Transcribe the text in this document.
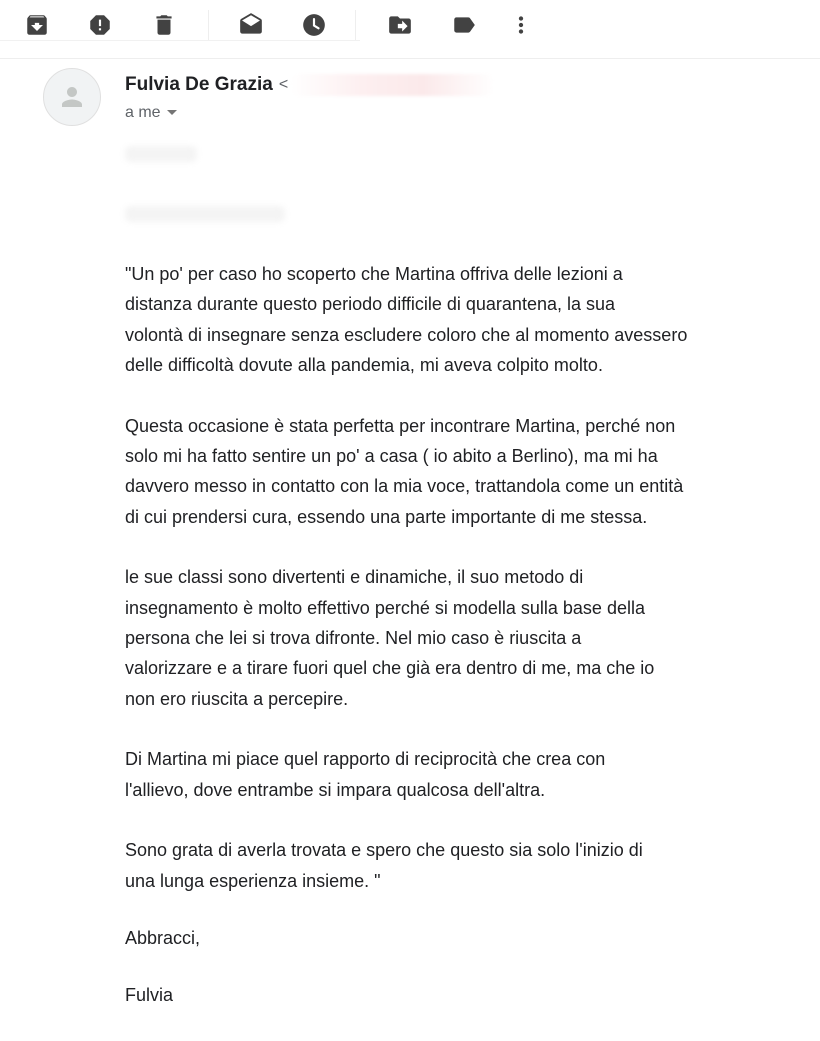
Fulvia De Grazia <
a me

"Un po' per caso ho scoperto che Martina offriva delle lezioni a
distanza durante questo periodo difficile di quarantena, la sua
volontà di insegnare senza escludere coloro che al momento avessero
delle difficoltà dovute alla pandemia, mi aveva colpito molto.

Questa occasione è stata perfetta per incontrare Martina, perché non
solo mi ha fatto sentire un po' a casa ( io abito a Berlino), ma mi ha
davvero messo in contatto con la mia voce, trattandola come un entità
di cui prendersi cura, essendo una parte importante di me stessa.

le sue classi sono divertenti e dinamiche, il suo metodo di
insegnamento è molto effettivo perché si modella sulla base della
persona che lei si trova difronte. Nel mio caso è riuscita a
valorizzare e a tirare fuori quel che già era dentro di me, ma che io
non ero riuscita a percepire.

Di Martina mi piace quel rapporto di reciprocità che crea con
l'allievo, dove entrambe si impara qualcosa dell'altra.

Sono grata di averla trovata e spero che questo sia solo l'inizio di
una lunga esperienza insieme. "

Abbracci,

Fulvia
